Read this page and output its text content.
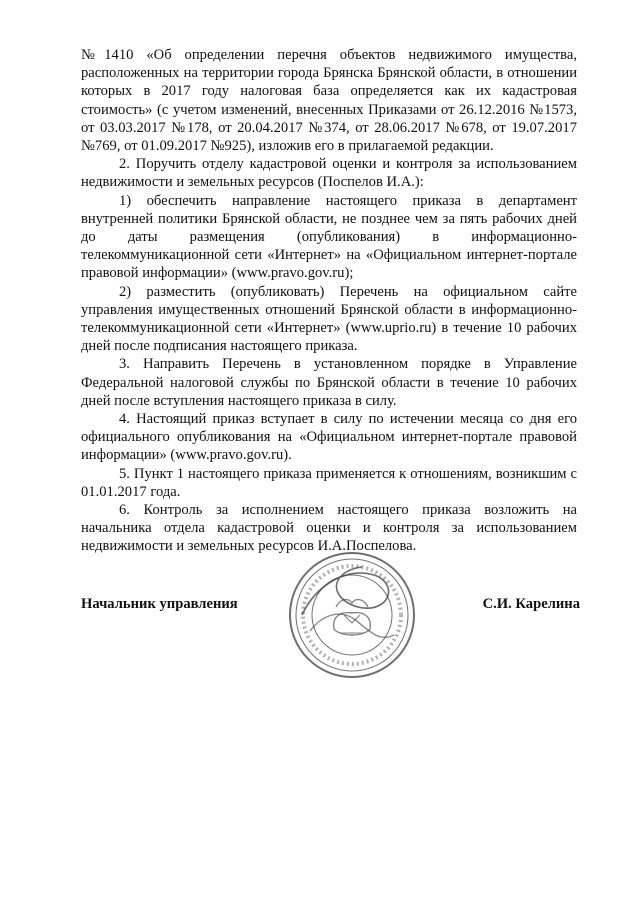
№1410 «Об определении перечня объектов недвижимого имущества, расположенных на территории города Брянска Брянской области, в отношении которых в 2017 году налоговая база определяется как их кадастровая стоимость» (с учетом изменений, внесенных Приказами от 26.12.2016 №1573, от 03.03.2017 №178, от 20.04.2017 №374, от 28.06.2017 №678, от 19.07.2017 №769, от 01.09.2017 №925), изложив его в прилагаемой редакции.

2. Поручить отделу кадастровой оценки и контроля за использованием недвижимости и земельных ресурсов (Поспелов И.А.):

1) обеспечить направление настоящего приказа в департамент внутренней политики Брянской области, не позднее чем за пять рабочих дней до даты размещения (опубликования) в информационно-телекоммуникационной сети «Интернет» на «Официальном интернет-портале правовой информации» (www.pravo.gov.ru);

2) разместить (опубликовать) Перечень на официальном сайте управления имущественных отношений Брянской области в информационно-телекоммуникационной сети «Интернет» (www.uprio.ru) в течение 10 рабочих дней после подписания настоящего приказа.

3. Направить Перечень в установленном порядке в Управление Федеральной налоговой службы по Брянской области в течение 10 рабочих дней после вступления настоящего приказа в силу.

4. Настоящий приказ вступает в силу по истечении месяца со дня его официального опубликования на «Официальном интернет-портале правовой информации» (www.pravo.gov.ru).

5. Пункт 1 настоящего приказа применяется к отношениям, возникшим с 01.01.2017 года.

6. Контроль за исполнением настоящего приказа возложить на начальника отдела кадастровой оценки и контроля за использованием недвижимости и земельных ресурсов И.А.Поспелова.

Начальник управления	С.И. Карелина
